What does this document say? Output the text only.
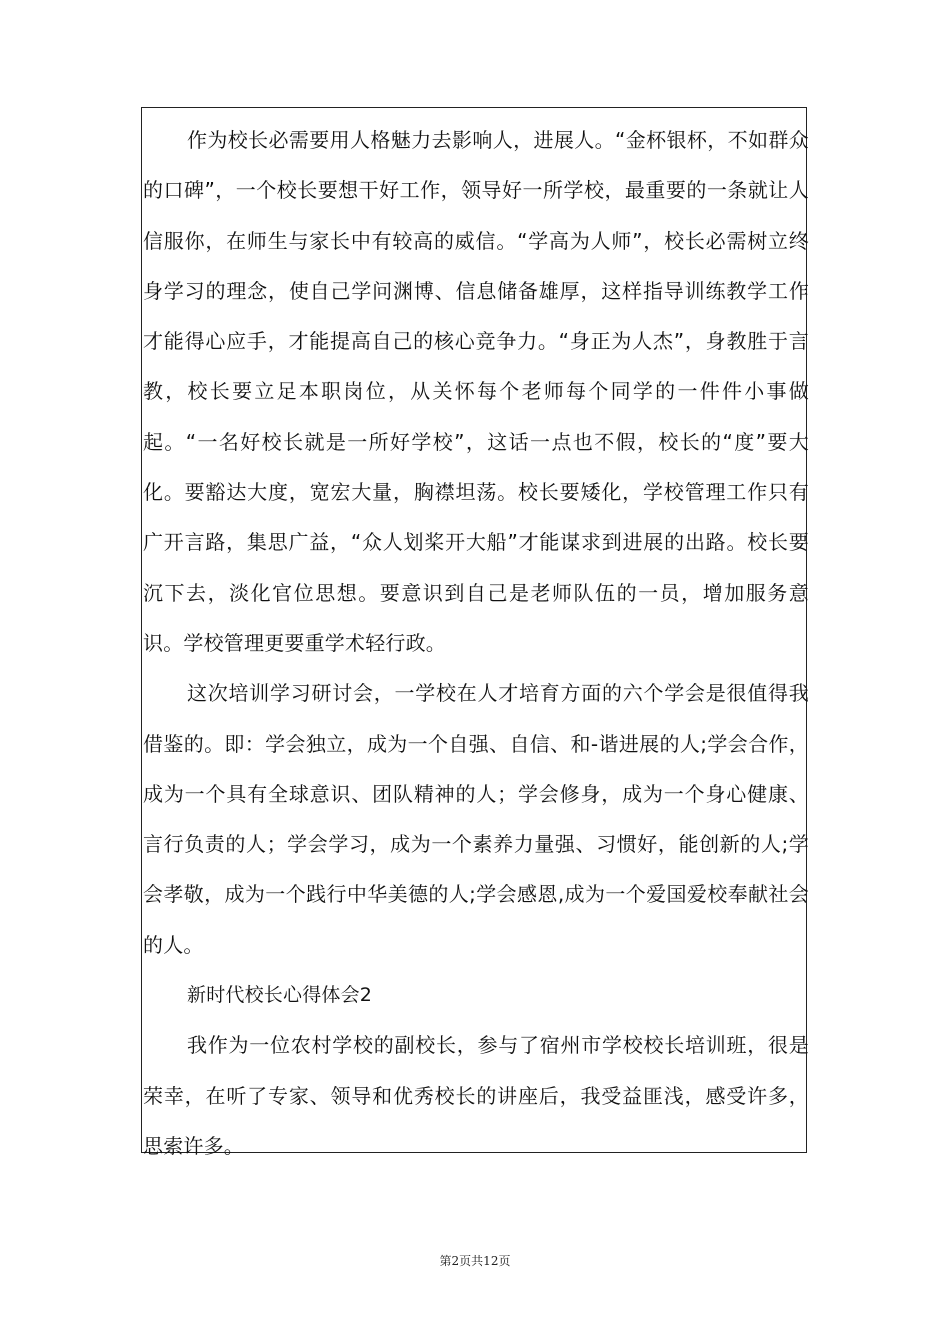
作为校长必需要用人格魅力去影响人，进展人。“金杯银杯，不如群众的口碑”，一个校长要想干好工作，领导好一所学校，最重要的一条就让人信服你，在师生与家长中有较高的威信。“学高为人师”，校长必需树立终身学习的理念，使自己学问渊博、信息储备雄厚，这样指导训练教学工作才能得心应手，才能提高自己的核心竞争力。“身正为人杰”，身教胜于言教，校长要立足本职岗位，从关怀每个老师每个同学的一件件小事做起。“一名好校长就是一所好学校”，这话一点也不假，校长的“度”要大化。要豁达大度，宽宏大量，胸襟坦荡。校长要矮化，学校管理工作只有广开言路，集思广益，“众人划桨开大船”才能谋求到进展的出路。校长要沉下去，淡化官位思想。要意识到自己是老师队伍的一员，增加服务意识。学校管理更要重学术轻行政。

这次培训学习研讨会，一学校在人才培育方面的六个学会是很值得我借鉴的。即：学会独立，成为一个自强、自信、和-谐进展的人;学会合作，成为一个具有全球意识、团队精神的人；学会修身，成为一个身心健康、言行负责的人；学会学习，成为一个素养力量强、习惯好，能创新的人;学会孝敬，成为一个践行中华美德的人;学会感恩,成为一个爱国爱校奉献社会的人。

新时代校长心得体会2

我作为一位农村学校的副校长，参与了宿州市学校校长培训班，很是荣幸，在听了专家、领导和优秀校长的讲座后，我受益匪浅，感受许多，思索许多。

第2页共12页
